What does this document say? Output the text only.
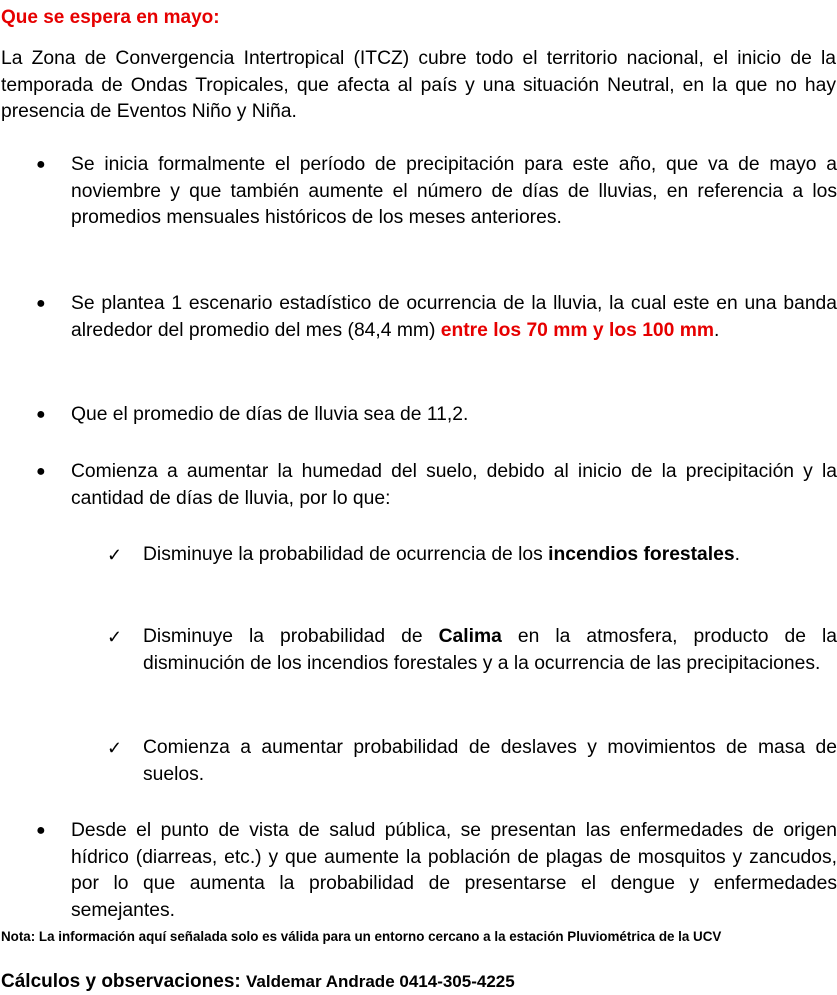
Que se espera en mayo:

La Zona de Convergencia Intertropical (ITCZ) cubre todo el territorio nacional, el inicio de la temporada de Ondas Tropicales, que afecta al país y una situación Neutral, en la que no hay presencia de Eventos Niño y Niña.

● Se inicia formalmente el período de precipitación para este año, que va de mayo a noviembre y que también aumente el número de días de lluvias, en referencia a los promedios mensuales históricos de los meses anteriores.

● Se plantea 1 escenario estadístico de ocurrencia de la lluvia, la cual este en una banda alrededor del promedio del mes (84,4 mm) entre los 70 mm y los 100 mm.

● Que el promedio de días de lluvia sea de 11,2.

● Comienza a aumentar la humedad del suelo, debido al inicio de la precipitación y la cantidad de días de lluvia, por lo que:

✓ Disminuye la probabilidad de ocurrencia de los incendios forestales.

✓ Disminuye la probabilidad de Calima en la atmosfera, producto de la disminución de los incendios forestales y a la ocurrencia de las precipitaciones.

✓ Comienza a aumentar probabilidad de deslaves y movimientos de masa de suelos.

● Desde el punto de vista de salud pública, se presentan las enfermedades de origen hídrico (diarreas, etc.) y que aumente la población de plagas de mosquitos y zancudos, por lo que aumenta la probabilidad de presentarse el dengue y enfermedades semejantes.

Nota: La información aquí señalada solo es válida para un entorno cercano a la estación Pluviométrica de la UCV

Cálculos y observaciones: Valdemar Andrade 0414-305-4225
